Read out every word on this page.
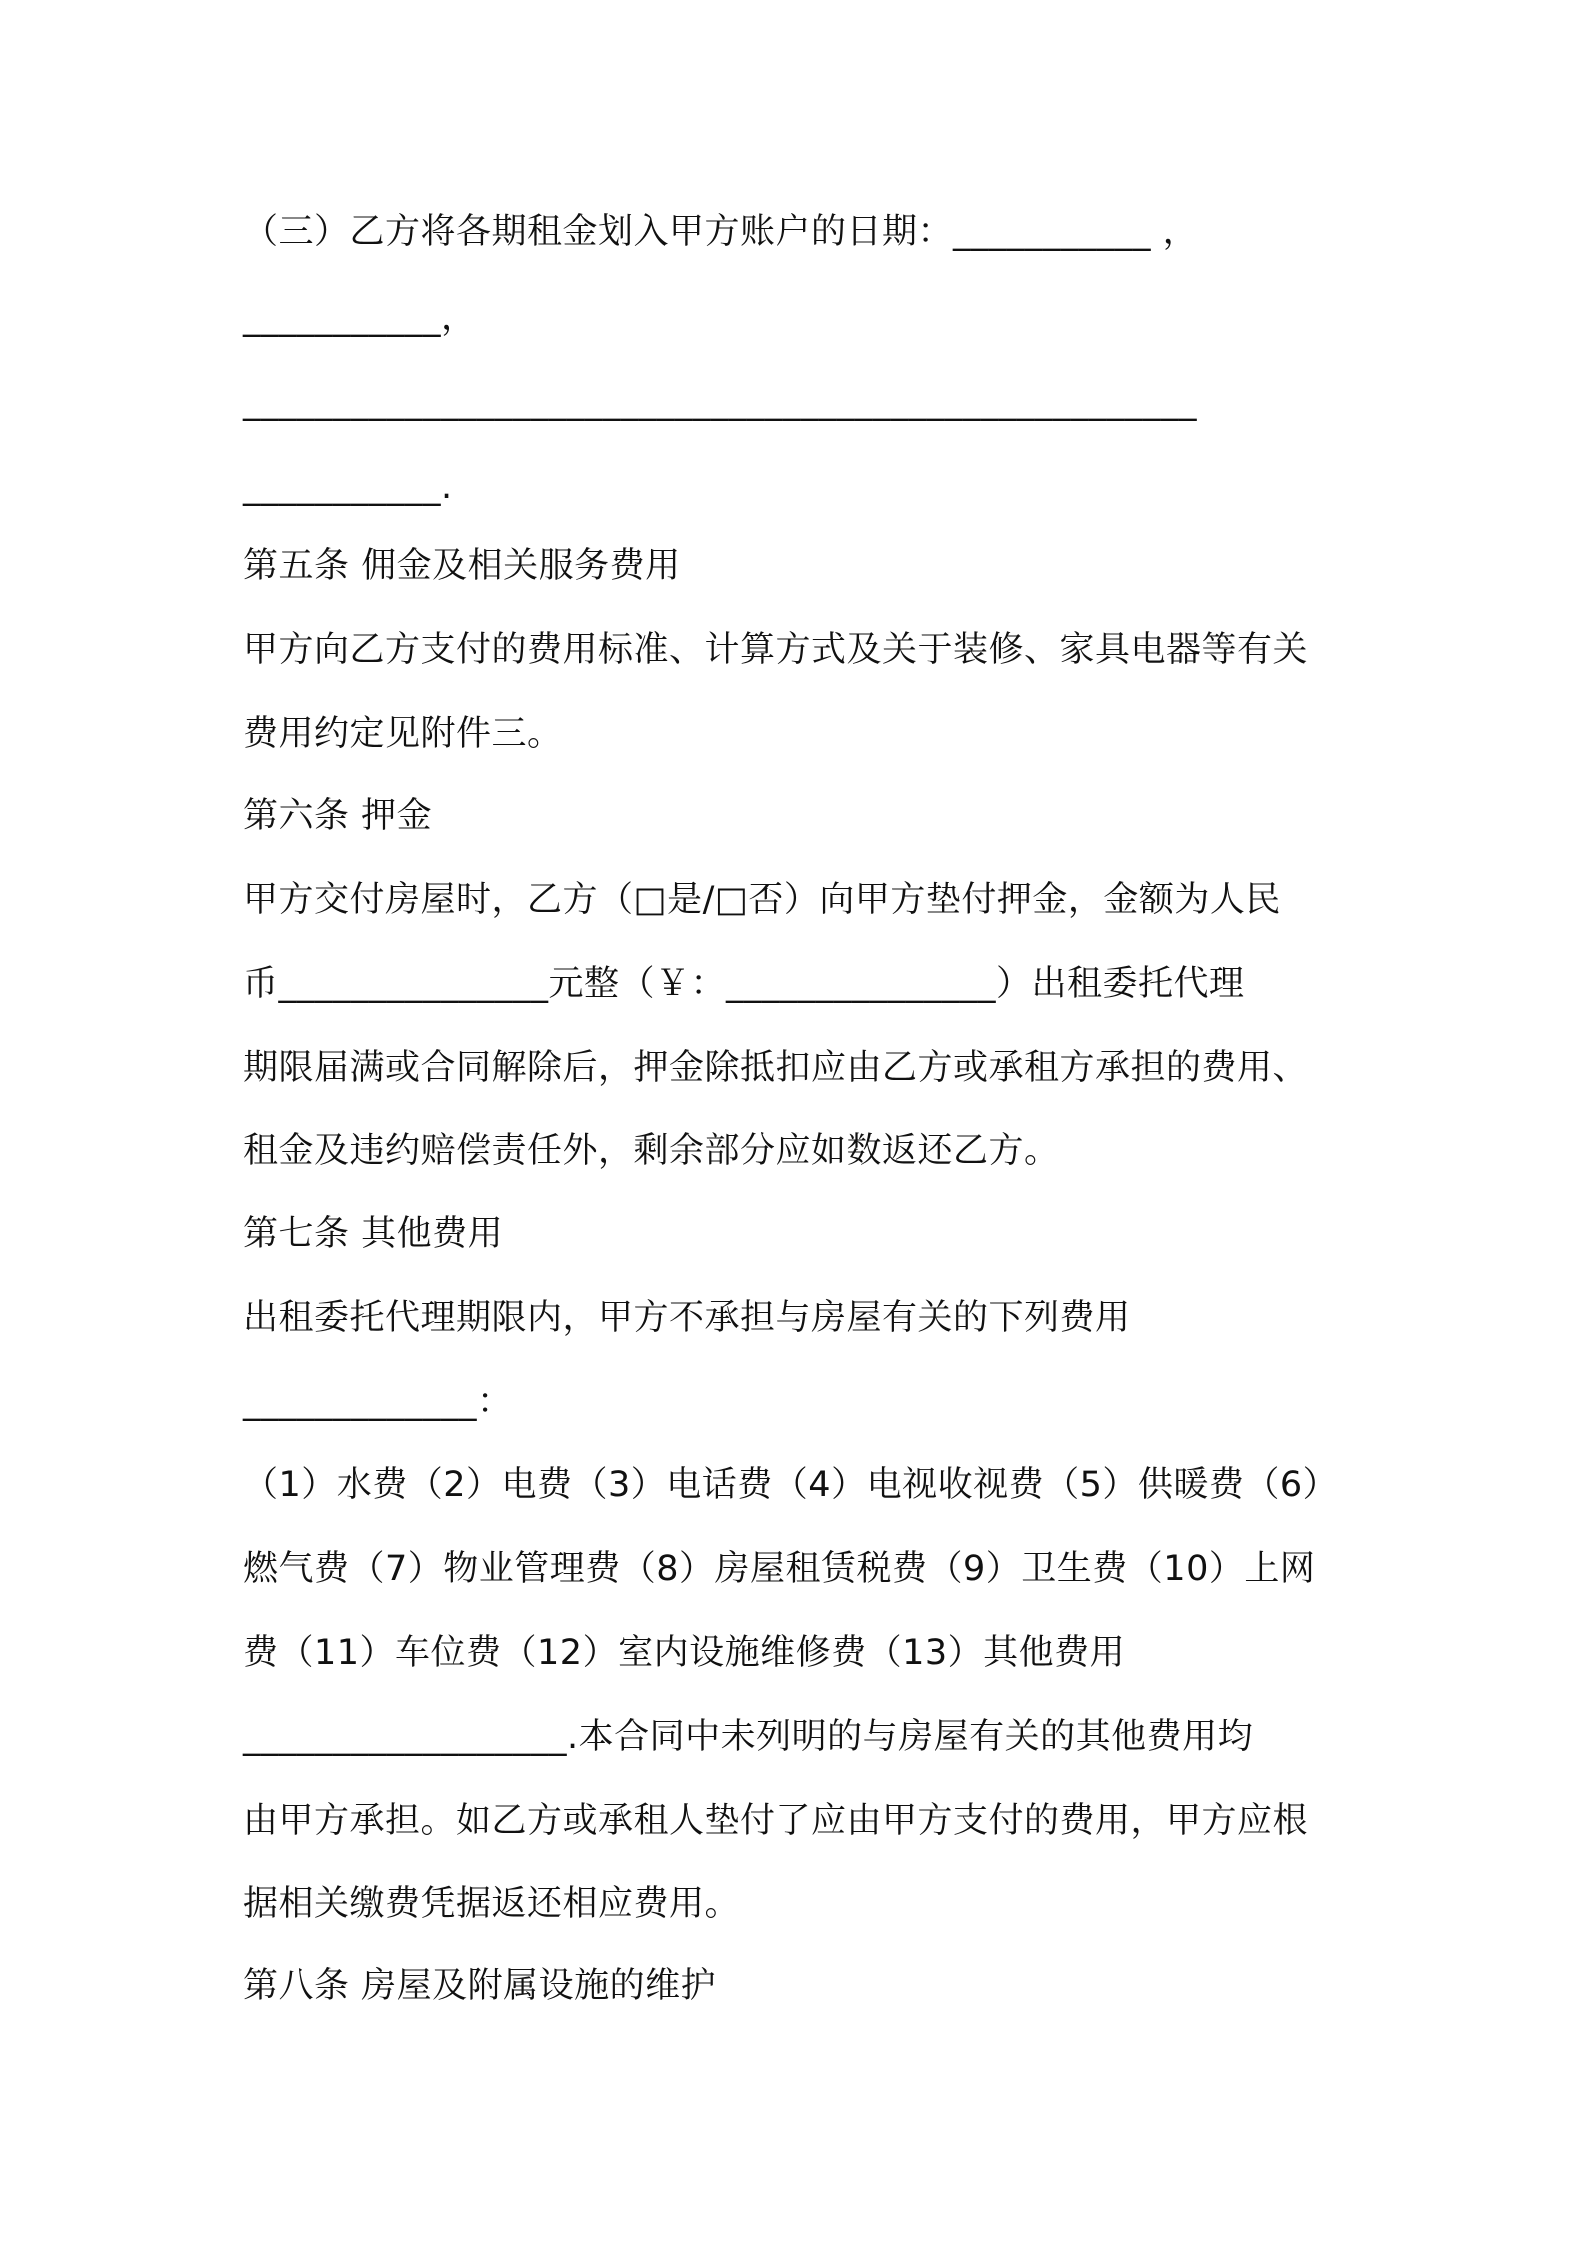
（三）乙方将各期租金划入甲方账户的日期：___________ ，
___________，
_____________________________________________________
___________.
第五条 佣金及相关服务费用
甲方向乙方支付的费用标准、计算方式及关于装修、家具电器等有关
费用约定见附件三。
第六条 押金
甲方交付房屋时，乙方（□是/□否）向甲方垫付押金，金额为人民
币_______________元整（￥：_______________）出租委托代理
期限届满或合同解除后，押金除抵扣应由乙方或承租方承担的费用、
租金及违约赔偿责任外，剩余部分应如数返还乙方。
第七条 其他费用
出租委托代理期限内，甲方不承担与房屋有关的下列费用
_____________：
（1）水费（2）电费（3）电话费（4）电视收视费（5）供暖费（6）
燃气费（7）物业管理费（8）房屋租赁税费（9）卫生费（10）上网
费（11）车位费（12）室内设施维修费（13）其他费用
__________________.本合同中未列明的与房屋有关的其他费用均
由甲方承担。如乙方或承租人垫付了应由甲方支付的费用，甲方应根
据相关缴费凭据返还相应费用。
第八条 房屋及附属设施的维护
